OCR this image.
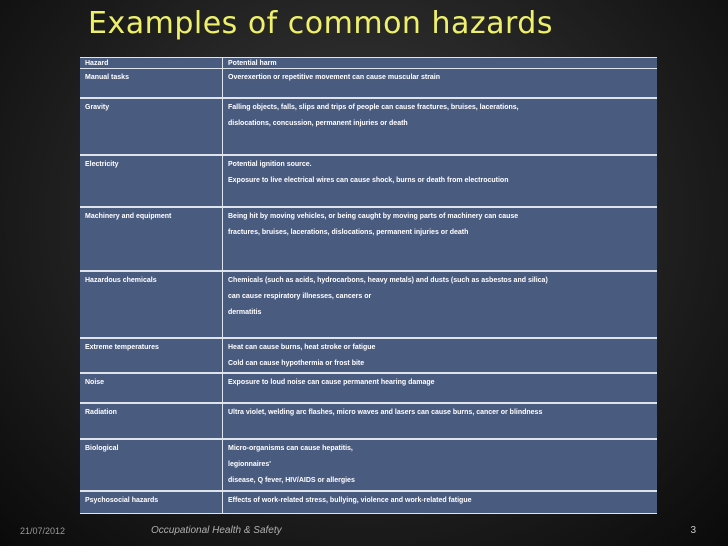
Examples of common hazards
Hazard	Potential harm
Manual tasks	Overexertion or repetitive movement can cause muscular strain

Gravity	Falling objects, falls, slips and trips of people can cause fractures, bruises, lacerations,
dislocations, concussion, permanent injuries or death

Electricity	Potential ignition source.
Exposure to live electrical wires can cause shock, burns or death from electrocution

Machinery and equipment	Being hit by moving vehicles, or being caught by moving parts of machinery can cause
fractures, bruises, lacerations, dislocations, permanent injuries or death

Hazardous chemicals	Chemicals (such as acids, hydrocarbons, heavy metals) and dusts (such as asbestos and silica)
can cause respiratory illnesses, cancers or
dermatitis

Extreme temperatures	Heat can cause burns, heat stroke or fatigue
Cold can cause hypothermia or frost bite

Noise	Exposure to loud noise can cause permanent hearing damage

Radiation	Ultra violet, welding arc flashes, micro waves and lasers can cause burns, cancer or blindness

Biological	Micro-organisms can cause hepatitis,
legionnaires'
disease, Q fever, HIV/AIDS or allergies

Psychosocial hazards	Effects of work-related stress, bullying, violence and work-related fatigue
21/07/2012	Occupational Health & Safety	3
